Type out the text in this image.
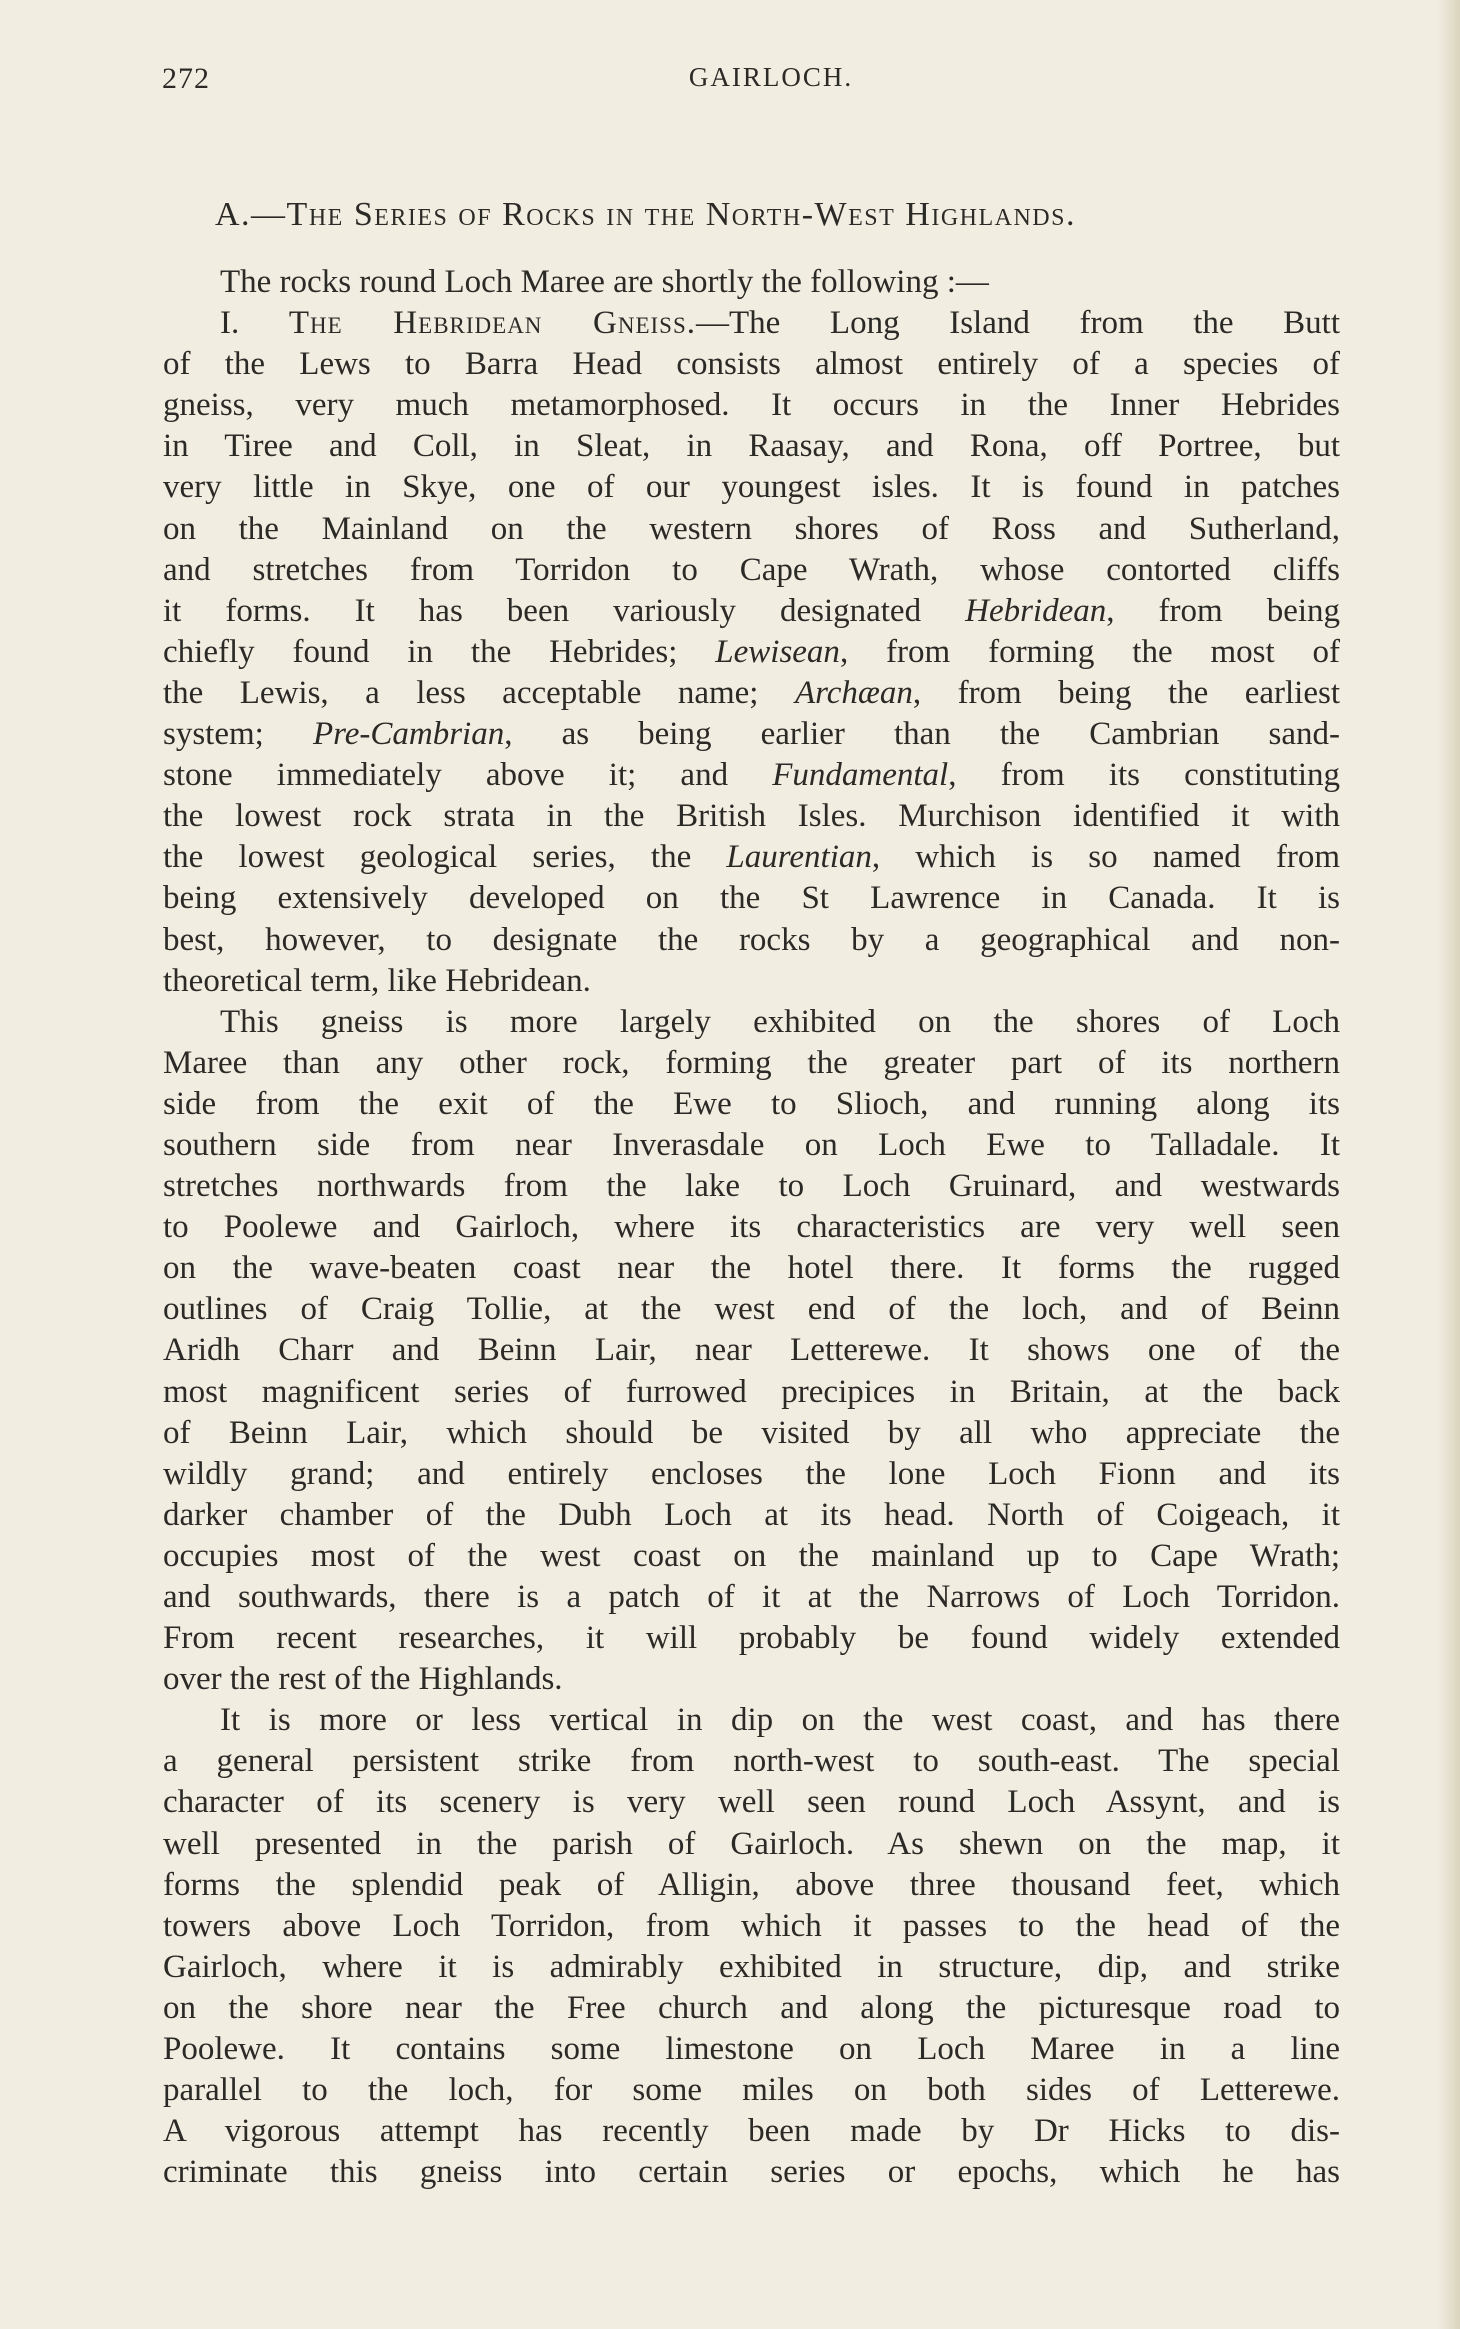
272	GAIRLOCH.
A.—The Series of Rocks in the North-West Highlands.
The rocks round Loch Maree are shortly the following :—
I. The Hebridean Gneiss.—The Long Island from the Butt
of the Lews to Barra Head consists almost entirely of a species of
gneiss, very much metamorphosed. It occurs in the Inner Hebrides
in Tiree and Coll, in Sleat, in Raasay, and Rona, off Portree, but
very little in Skye, one of our youngest isles. It is found in patches
on the Mainland on the western shores of Ross and Sutherland,
and stretches from Torridon to Cape Wrath, whose contorted cliffs
it forms. It has been variously designated Hebridean, from being
chiefly found in the Hebrides; Lewisean, from forming the most of
the Lewis, a less acceptable name; Archæan, from being the earliest
system; Pre-Cambrian, as being earlier than the Cambrian sand-
stone immediately above it; and Fundamental, from its constituting
the lowest rock strata in the British Isles. Murchison identified it with
the lowest geological series, the Laurentian, which is so named from
being extensively developed on the St Lawrence in Canada. It is
best, however, to designate the rocks by a geographical and non-
theoretical term, like Hebridean.
This gneiss is more largely exhibited on the shores of Loch
Maree than any other rock, forming the greater part of its northern
side from the exit of the Ewe to Slioch, and running along its
southern side from near Inverasdale on Loch Ewe to Talladale. It
stretches northwards from the lake to Loch Gruinard, and westwards
to Poolewe and Gairloch, where its characteristics are very well seen
on the wave-beaten coast near the hotel there. It forms the rugged
outlines of Craig Tollie, at the west end of the loch, and of Beinn
Aridh Charr and Beinn Lair, near Letterewe. It shows one of the
most magnificent series of furrowed precipices in Britain, at the back
of Beinn Lair, which should be visited by all who appreciate the
wildly grand; and entirely encloses the lone Loch Fionn and its
darker chamber of the Dubh Loch at its head. North of Coigeach, it
occupies most of the west coast on the mainland up to Cape Wrath;
and southwards, there is a patch of it at the Narrows of Loch Torridon.
From recent researches, it will probably be found widely extended
over the rest of the Highlands.
It is more or less vertical in dip on the west coast, and has there
a general persistent strike from north-west to south-east. The special
character of its scenery is very well seen round Loch Assynt, and is
well presented in the parish of Gairloch. As shewn on the map, it
forms the splendid peak of Alligin, above three thousand feet, which
towers above Loch Torridon, from which it passes to the head of the
Gairloch, where it is admirably exhibited in structure, dip, and strike
on the shore near the Free church and along the picturesque road to
Poolewe. It contains some limestone on Loch Maree in a line
parallel to the loch, for some miles on both sides of Letterewe.
A vigorous attempt has recently been made by Dr Hicks to dis-
criminate this gneiss into certain series or epochs, which he has
